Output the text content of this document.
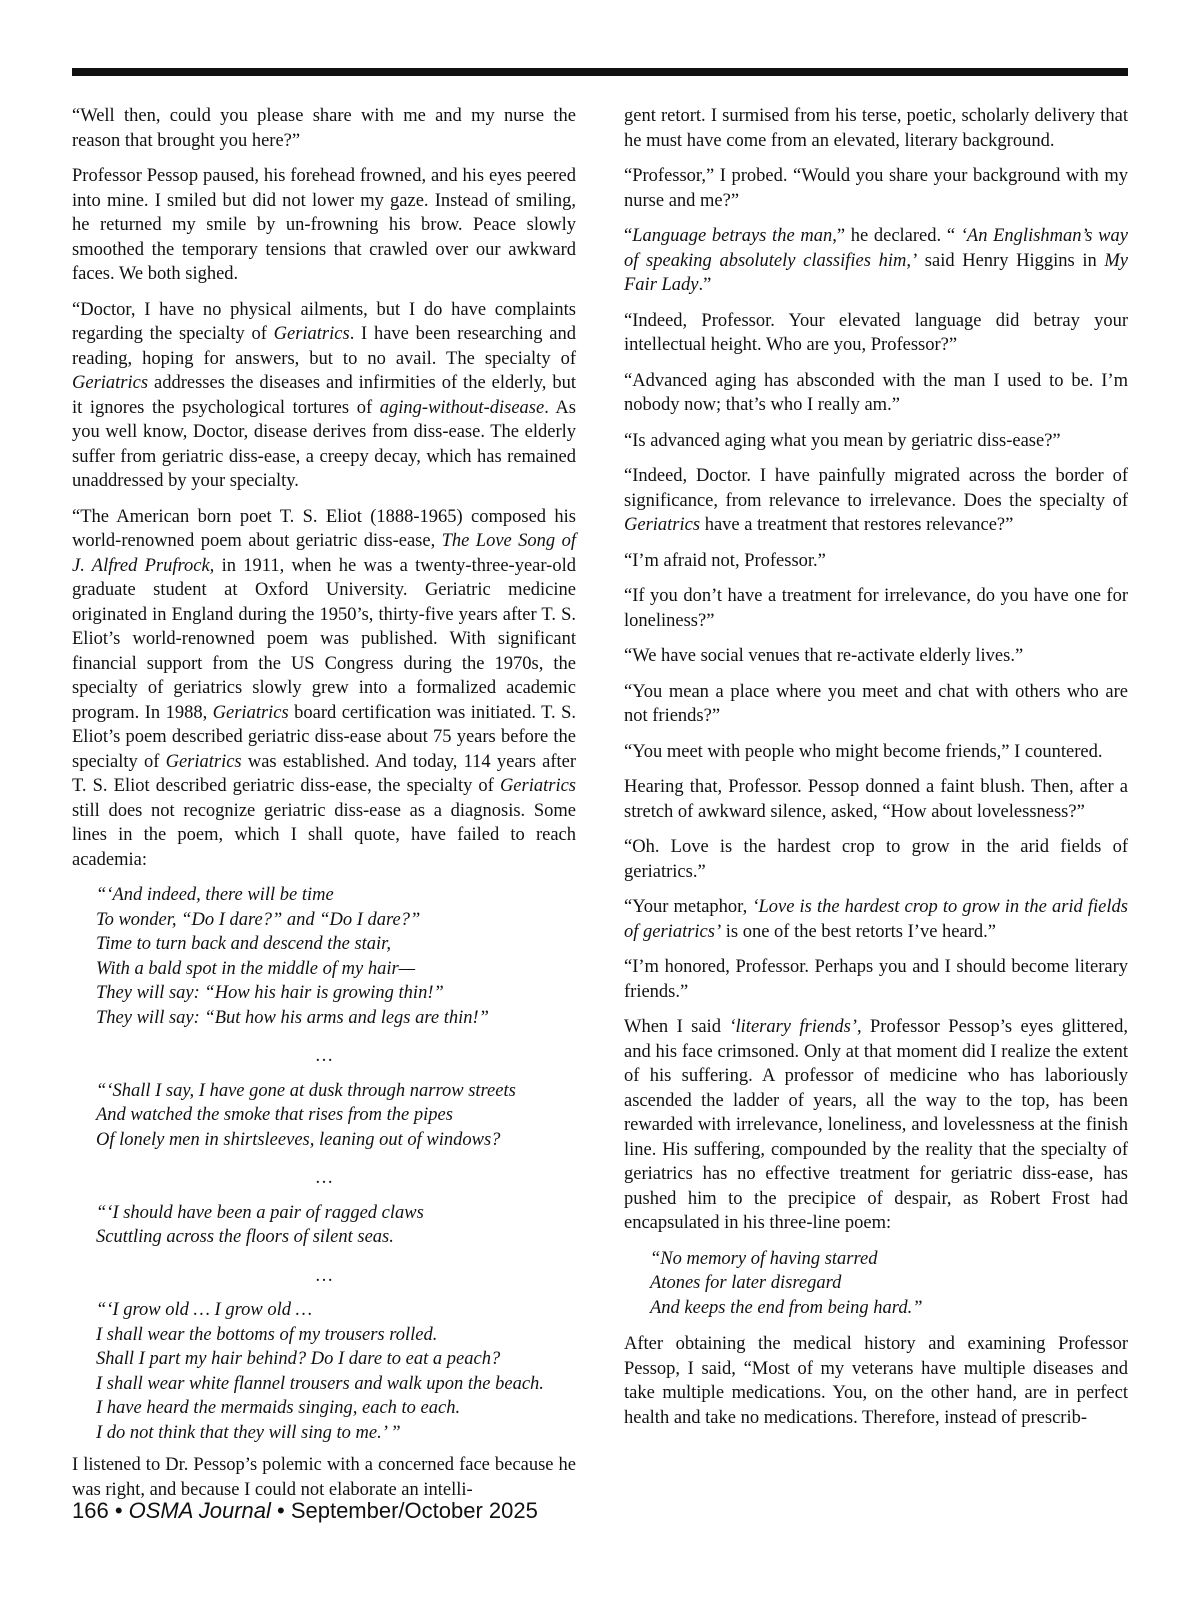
“Well then, could you please share with me and my nurse the reason that brought you here?”

Professor Pessop paused, his forehead frowned, and his eyes peered into mine. I smiled but did not lower my gaze. Instead of smiling, he returned my smile by un-frowning his brow. Peace slowly smoothed the temporary tensions that crawled over our awkward faces. We both sighed.

“Doctor, I have no physical ailments, but I do have complaints regarding the specialty of Geriatrics. I have been researching and reading, hoping for answers, but to no avail. The specialty of Geriatrics addresses the diseases and infirmities of the elderly, but it ignores the psychological tortures of aging-without-disease. As you well know, Doctor, disease derives from diss-ease. The elderly suffer from geriatric diss-ease, a creepy decay, which has remained unaddressed by your specialty.

“The American born poet T. S. Eliot (1888-1965) composed his world-renowned poem about geriatric diss-ease, The Love Song of J. Alfred Prufrock, in 1911, when he was a twenty-three-year-old graduate student at Oxford University. Geriatric medicine originated in England during the 1950’s, thirty-five years after T. S. Eliot’s world-renowned poem was published. With significant financial support from the US Congress during the 1970s, the specialty of geriatrics slowly grew into a formalized academic program. In 1988, Geriatrics board certification was initiated. T. S. Eliot’s poem described geriatric diss-ease about 75 years before the specialty of Geriatrics was established. And today, 114 years after T. S. Eliot described geriatric diss-ease, the specialty of Geriatrics still does not recognize geriatric diss-ease as a diagnosis. Some lines in the poem, which I shall quote, have failed to reach academia:

“‘And indeed, there will be time
To wonder, “Do I dare?” and “Do I dare?”
Time to turn back and descend the stair,
With a bald spot in the middle of my hair—
They will say: “How his hair is growing thin!”
They will say: “But how his arms and legs are thin!”
…
“‘Shall I say, I have gone at dusk through narrow streets
And watched the smoke that rises from the pipes
Of lonely men in shirtsleeves, leaning out of windows?
…
“‘I should have been a pair of ragged claws
Scuttling across the floors of silent seas.
…
“‘I grow old … I grow old …
I shall wear the bottoms of my trousers rolled.
Shall I part my hair behind? Do I dare to eat a peach?
I shall wear white flannel trousers and walk upon the beach.
I have heard the mermaids singing, each to each.
I do not think that they will sing to me.’ ”

I listened to Dr. Pessop’s polemic with a concerned face because he was right, and because I could not elaborate an intelli-

gent retort. I surmised from his terse, poetic, scholarly delivery that he must have come from an elevated, literary background.

“Professor,” I probed. “Would you share your background with my nurse and me?”

“Language betrays the man,” he declared. “ ‘An Englishman’s way of speaking absolutely classifies him,’ said Henry Higgins in My Fair Lady.”

“Indeed, Professor. Your elevated language did betray your intellectual height. Who are you, Professor?”

“Advanced aging has absconded with the man I used to be. I’m nobody now; that’s who I really am.”

“Is advanced aging what you mean by geriatric diss-ease?”

“Indeed, Doctor. I have painfully migrated across the border of significance, from relevance to irrelevance. Does the specialty of Geriatrics have a treatment that restores relevance?”

“I’m afraid not, Professor.”

“If you don’t have a treatment for irrelevance, do you have one for loneliness?”

“We have social venues that re-activate elderly lives.”

“You mean a place where you meet and chat with others who are not friends?”

“You meet with people who might become friends,” I countered.

Hearing that, Professor. Pessop donned a faint blush. Then, after a stretch of awkward silence, asked, “How about lovelessness?”

“Oh. Love is the hardest crop to grow in the arid fields of geriatrics.”

“Your metaphor, ‘Love is the hardest crop to grow in the arid fields of geriatrics’ is one of the best retorts I’ve heard.”

“I’m honored, Professor. Perhaps you and I should become literary friends.”

When I said ‘literary friends’, Professor Pessop’s eyes glittered, and his face crimsoned. Only at that moment did I realize the extent of his suffering. A professor of medicine who has laboriously ascended the ladder of years, all the way to the top, has been rewarded with irrelevance, loneliness, and lovelessness at the finish line. His suffering, compounded by the reality that the specialty of geriatrics has no effective treatment for geriatric diss-ease, has pushed him to the precipice of despair, as Robert Frost had encapsulated in his three-line poem:

“No memory of having starred
Atones for later disregard
And keeps the end from being hard.”

After obtaining the medical history and examining Professor Pessop, I said, “Most of my veterans have multiple diseases and take multiple medications. You, on the other hand, are in perfect health and take no medications. Therefore, instead of prescrib-

166 • OSMA Journal • September/October 2025
